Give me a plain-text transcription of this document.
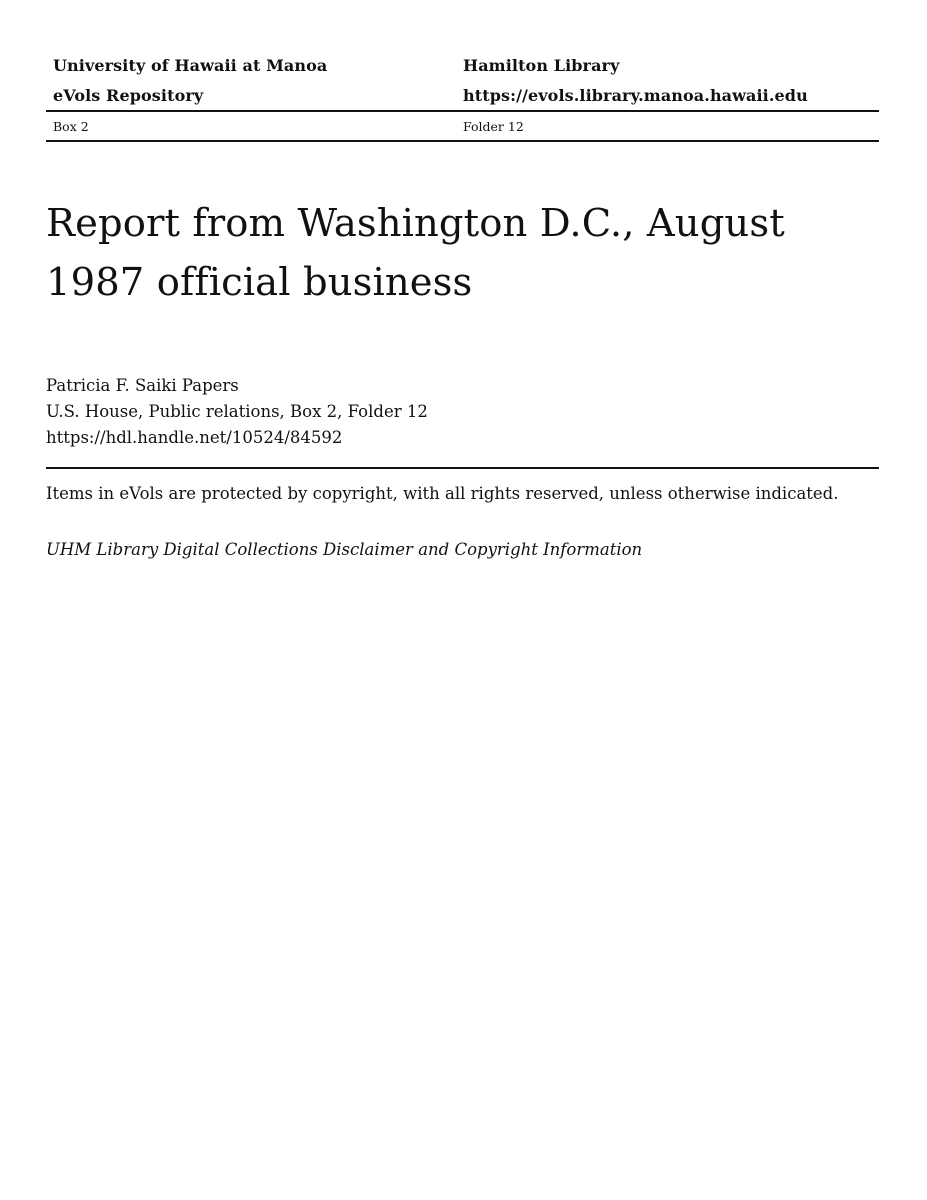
University of Hawaii at Manoa	Hamilton Library
eVols Repository	https://evols.library.manoa.hawaii.edu
Box 2	Folder 12
Report from Washington D.C., August
1987 official business
Patricia F. Saiki Papers
U.S. House, Public relations, Box 2, Folder 12
https://hdl.handle.net/10524/84592
Items in eVols are protected by copyright, with all rights reserved, unless otherwise indicated.
UHM Library Digital Collections Disclaimer and Copyright Information
